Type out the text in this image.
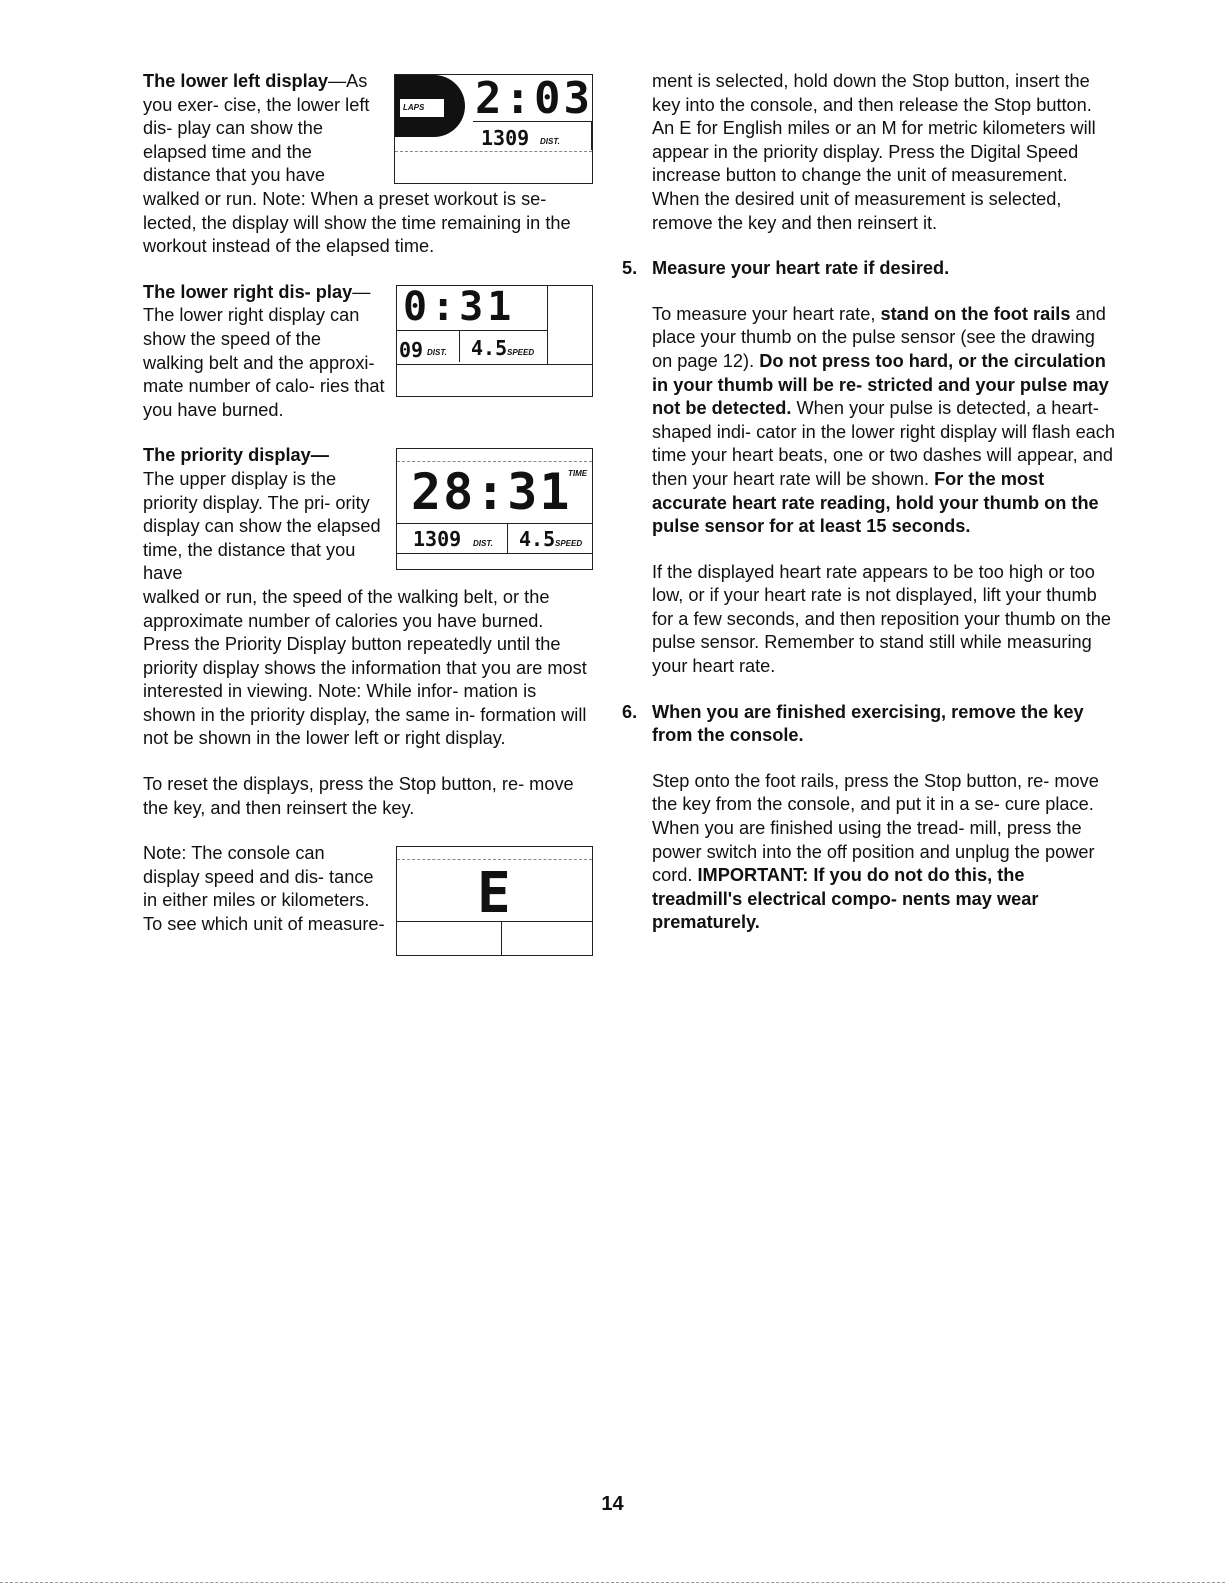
LAPS 2:03
1309 DIST.

The lower left display—As you exer- cise, the lower left dis- play can show the elapsed time and the distance that you have

walked or run. Note: When a preset workout is se- lected, the display will show the time remaining in the workout instead of the elapsed time.

0:31
09 DIST. 4.5 SPEED

The lower right dis- play—The lower right display can show the speed of the walking belt and the approxi- mate number of calo- ries that you have burned.

28:31
TIME
1309 DIST. 4.5 SPEED

The priority display—
The upper display is the priority display. The pri- ority display can show the elapsed time, the distance that you have

walked or run, the speed of the walking belt, or the approximate number of calories you have burned. Press the Priority Display button repeatedly until the priority display shows the information that you are most interested in viewing. Note: While infor- mation is shown in the priority display, the same in- formation will not be shown in the lower left or right display.

To reset the displays, press the Stop button, re- move the key, and then reinsert the key.

E

Note: The console can display speed and dis- tance in either miles or kilometers. To see which unit of measure-

ment is selected, hold down the Stop button, insert the key into the console, and then release the Stop button. An E for English miles or an M for metric kilometers will appear in the priority display. Press the Digital Speed increase button to change the unit of measurement. When the desired unit of measurement is selected, remove the key and then reinsert it.

5. Measure your heart rate if desired.

To measure your heart rate, stand on the foot rails and place your thumb on the pulse sensor (see the drawing on page 12). Do not press too hard, or the circulation in your thumb will be re- stricted and your pulse may not be detected. When your pulse is detected, a heart-shaped indi- cator in the lower right display will flash each time your heart beats, one or two dashes will appear, and then your heart rate will be shown. For the most accurate heart rate reading, hold your thumb on the pulse sensor for at least 15 seconds.

If the displayed heart rate appears to be too high or too low, or if your heart rate is not displayed, lift your thumb for a few seconds, and then reposition your thumb on the pulse sensor. Remember to stand still while measuring your heart rate.

6. When you are finished exercising, remove the key from the console.

Step onto the foot rails, press the Stop button, re- move the key from the console, and put it in a se- cure place. When you are finished using the tread- mill, press the power switch into the off position and unplug the power cord. IMPORTANT: If you do not do this, the treadmill's electrical compo- nents may wear prematurely.

14
